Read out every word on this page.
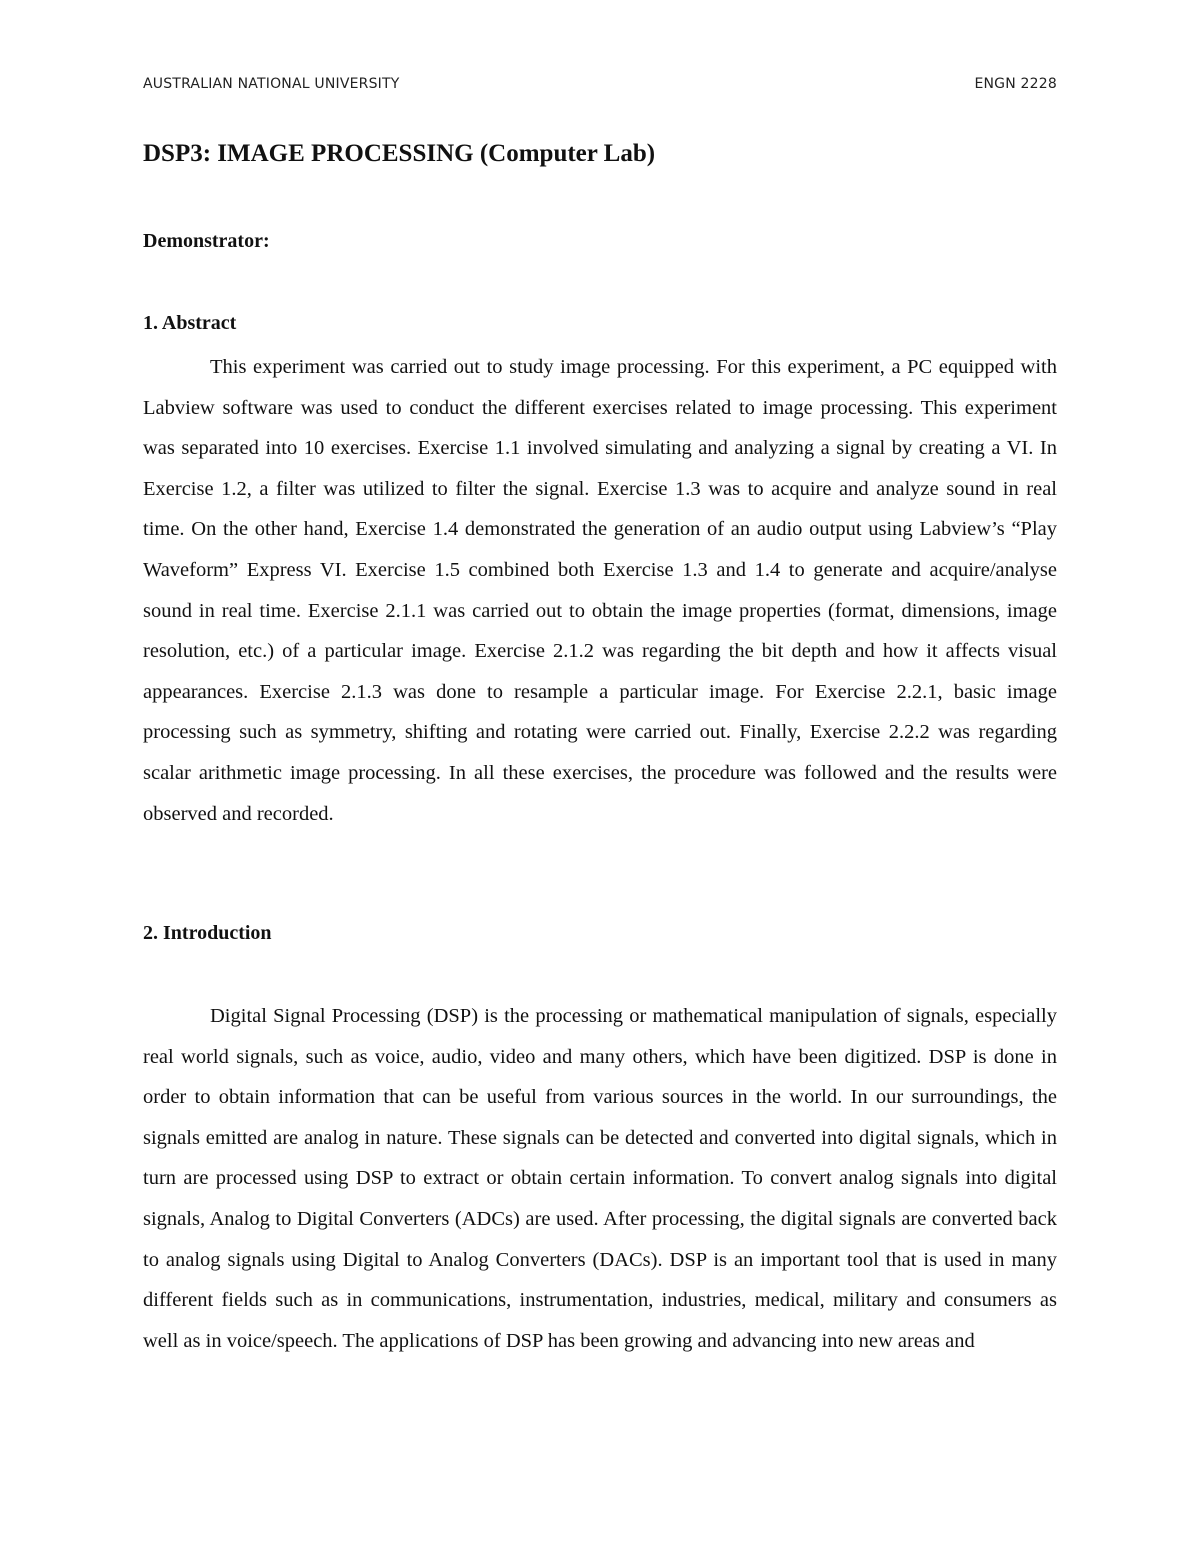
AUSTRALIAN NATIONAL UNIVERSITY	ENGN 2228
DSP3: IMAGE PROCESSING (Computer Lab)

Demonstrator:

1. Abstract

This experiment was carried out to study image processing. For this experiment, a PC equipped with Labview software was used to conduct the different exercises related to image processing. This experiment was separated into 10 exercises. Exercise 1.1 involved simulating and analyzing a signal by creating a VI. In Exercise 1.2, a filter was utilized to filter the signal. Exercise 1.3 was to acquire and analyze sound in real time. On the other hand, Exercise 1.4 demonstrated the generation of an audio output using Labview’s “Play Waveform” Express VI. Exercise 1.5 combined both Exercise 1.3 and 1.4 to generate and acquire/analyse sound in real time. Exercise 2.1.1 was carried out to obtain the image properties (format, dimensions, image resolution, etc.) of a particular image. Exercise 2.1.2 was regarding the bit depth and how it affects visual appearances. Exercise 2.1.3 was done to resample a particular image. For Exercise 2.2.1, basic image processing such as symmetry, shifting and rotating were carried out. Finally, Exercise 2.2.2 was regarding scalar arithmetic image processing. In all these exercises, the procedure was followed and the results were observed and recorded.

2. Introduction

Digital Signal Processing (DSP) is the processing or mathematical manipulation of signals, especially real world signals, such as voice, audio, video and many others, which have been digitized. DSP is done in order to obtain information that can be useful from various sources in the world. In our surroundings, the signals emitted are analog in nature. These signals can be detected and converted into digital signals, which in turn are processed using DSP to extract or obtain certain information. To convert analog signals into digital signals, Analog to Digital Converters (ADCs) are used. After processing, the digital signals are converted back to analog signals using Digital to Analog Converters (DACs). DSP is an important tool that is used in many different fields such as in communications, instrumentation, industries, medical, military and consumers as well as in voice/speech. The applications of DSP has been growing and advancing into new areas and
